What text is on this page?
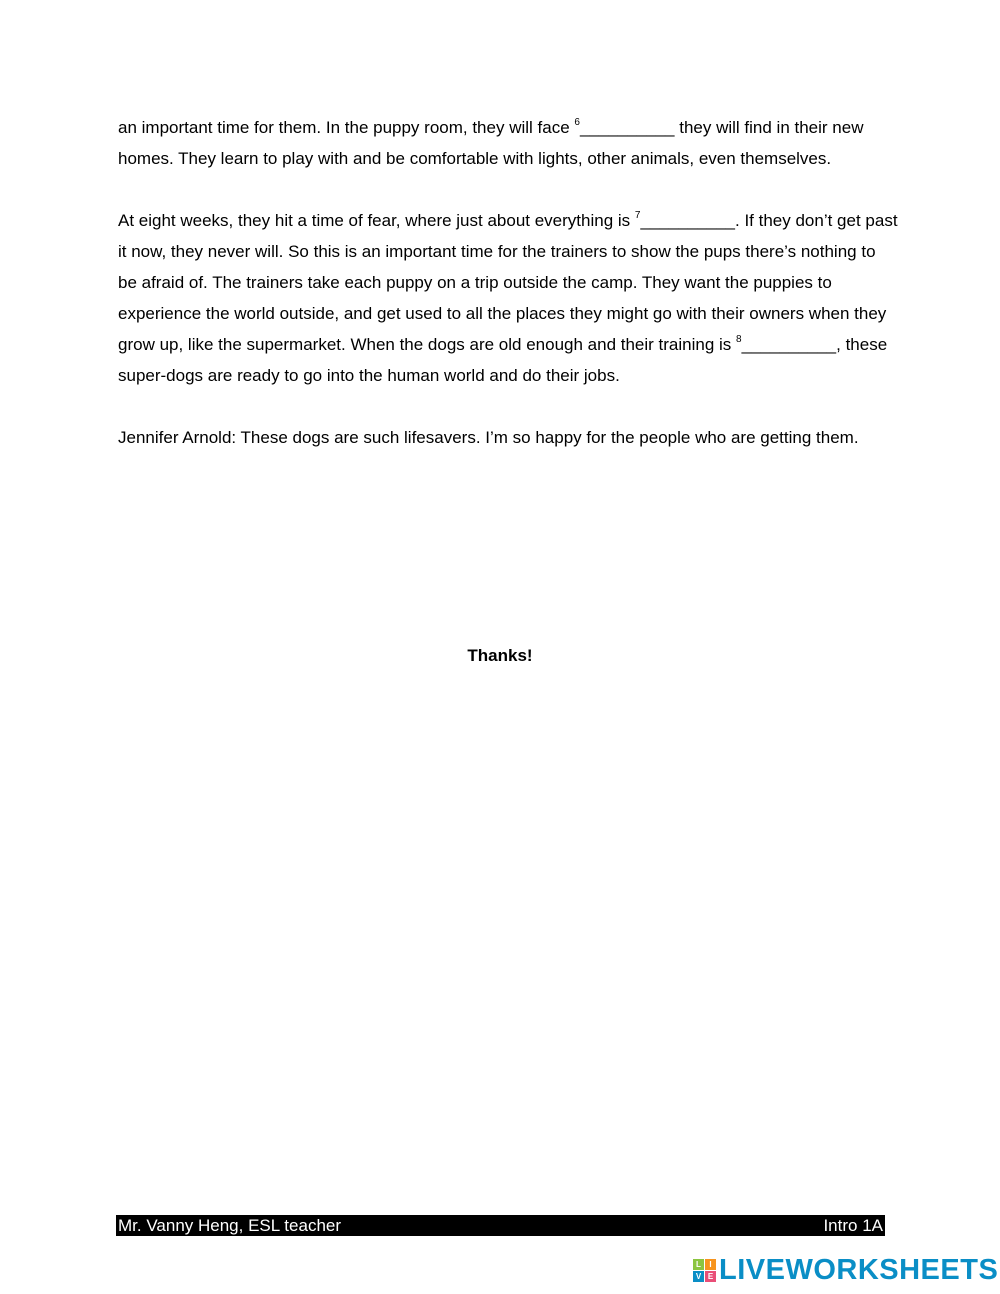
an important time for them. In the puppy room, they will face $^6$__________ they will find in their new homes. They learn to play with and be comfortable with lights, other animals, even themselves.

At eight weeks, they hit a time of fear, where just about everything is $^7$__________. If they don’t get past it now, they never will. So this is an important time for the trainers to show the pups there’s nothing to be afraid of. The trainers take each puppy on a trip outside the camp. They want the puppies to experience the world outside, and get used to all the places they might go with their owners when they grow up, like the supermarket. When the dogs are old enough and their training is $^8$__________, these super-dogs are ready to go into the human world and do their jobs.

Jennifer Arnold: These dogs are such lifesavers. I’m so happy for the people who are getting them.

Thanks!
Mr. Vanny Heng, ESL teacher	Intro 1A
L	I
V E LIVEWORKSHEETS
